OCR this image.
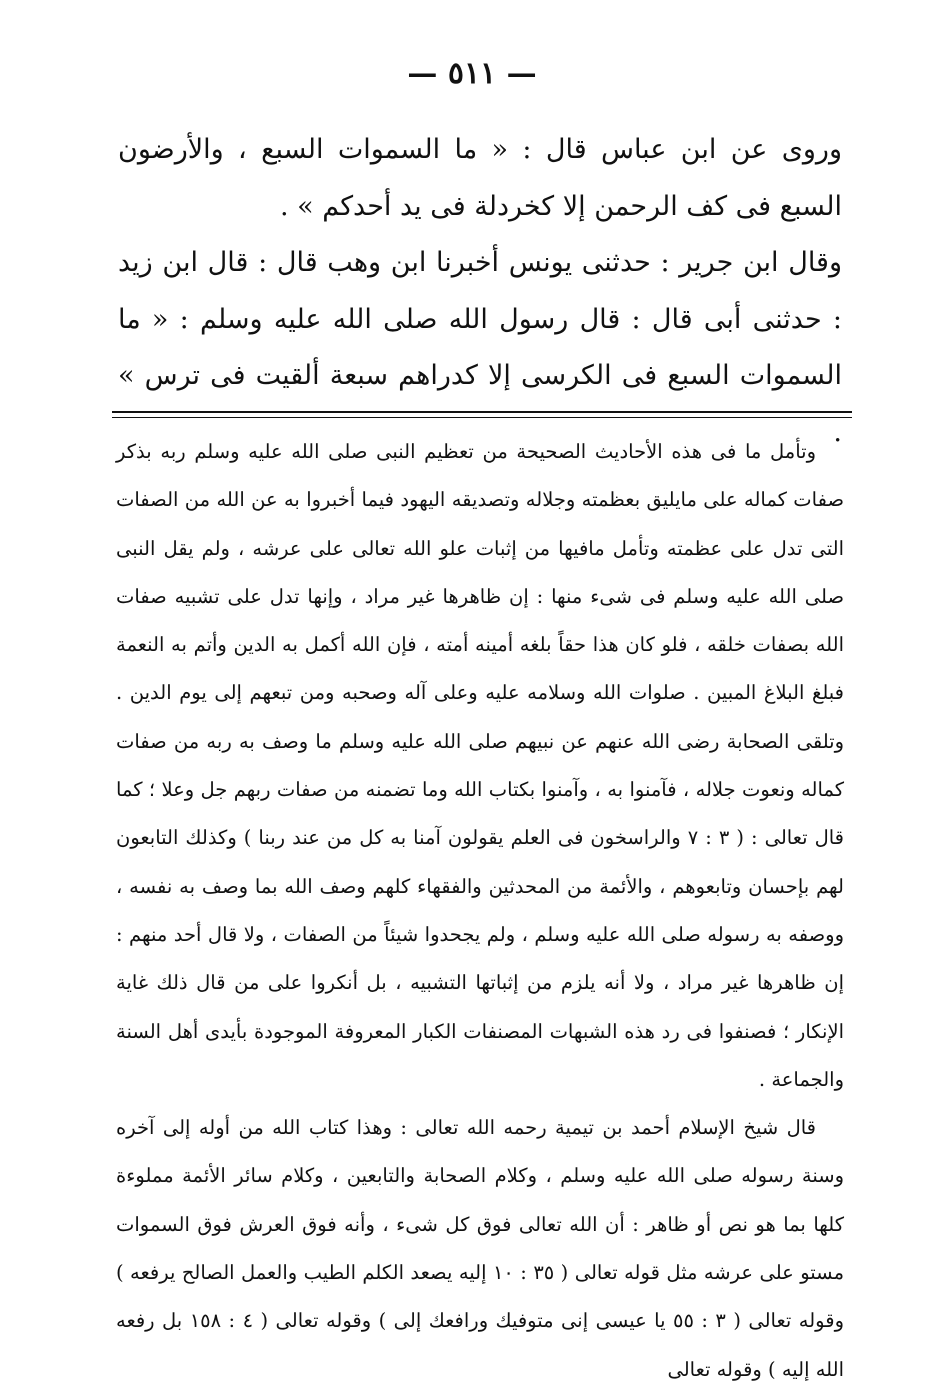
— ٥١١ —

وروى عن ابن عباس قال : « ما السموات السبع ، والأرضون السبع فى كف الرحمن إلا كخردلة فى يد أحدكم » .

وقال ابن جرير : حدثنى يونس أخبرنا ابن وهب قال : قال ابن زيد : حدثنى أبى قال : قال رسول الله صلى الله عليه وسلم : « ما السموات السبع فى الكرسى إلا كدراهم سبعة ألقيت فى ترس » .

وتأمل ما فى هذه الأحاديث الصحيحة من تعظيم النبى صلى الله عليه وسلم ربه بذكر صفات كماله على مايليق بعظمته وجلاله وتصديقه اليهود فيما أخبروا به عن الله من الصفات التى تدل على عظمته وتأمل مافيها من إثبات علو الله تعالى على عرشه ، ولم يقل النبى صلى الله عليه وسلم فى شىء منها : إن ظاهرها غير مراد ، وإنها تدل على تشبيه صفات الله بصفات خلقه ، فلو كان هذا حقاً بلغه أمينه أمته ، فإن الله أكمل به الدين وأتم به النعمة فبلغ البلاغ المبين . صلوات الله وسلامه عليه وعلى آله وصحبه ومن تبعهم إلى يوم الدين . وتلقى الصحابة رضى الله عنهم عن نبيهم صلى الله عليه وسلم ما وصف به ربه من صفات كماله ونعوت جلاله ، فآمنوا به ، وآمنوا بكتاب الله وما تضمنه من صفات ربهم جل وعلا ؛ كما قال تعالى : ( ٣ : ٧ والراسخون فى العلم يقولون آمنا به كل من عند ربنا ) وكذلك التابعون لهم بإحسان وتابعوهم ، والأئمة من المحدثين والفقهاء كلهم وصف الله بما وصف به نفسه ، ووصفه به رسوله صلى الله عليه وسلم ، ولم يجحدوا شيئاً من الصفات ، ولا قال أحد منهم : إن ظاهرها غير مراد ، ولا أنه يلزم من إثباتها التشبيه ، بل أنكروا على من قال ذلك غاية الإنكار ؛ فصنفوا فى رد هذه الشبهات المصنفات الكبار المعروفة الموجودة بأيدى أهل السنة والجماعة .

قال شيخ الإسلام أحمد بن تيمية رحمه الله تعالى : وهذا كتاب الله من أوله إلى آخره وسنة رسوله صلى الله عليه وسلم ، وكلام الصحابة والتابعين ، وكلام سائر الأئمة مملوءة كلها بما هو نص أو ظاهر : أن الله تعالى فوق كل شىء ، وأنه فوق العرش فوق السموات مستو على عرشه مثل قوله تعالى ( ٣٥ : ١٠ إليه يصعد الكلم الطيب والعمل الصالح يرفعه ) وقوله تعالى ( ٣ : ٥٥ يا عيسى إنى متوفيك ورافعك إلى ) وقوله تعالى ( ٤ : ١٥٨ بل رفعه الله إليه ) وقوله تعالى
